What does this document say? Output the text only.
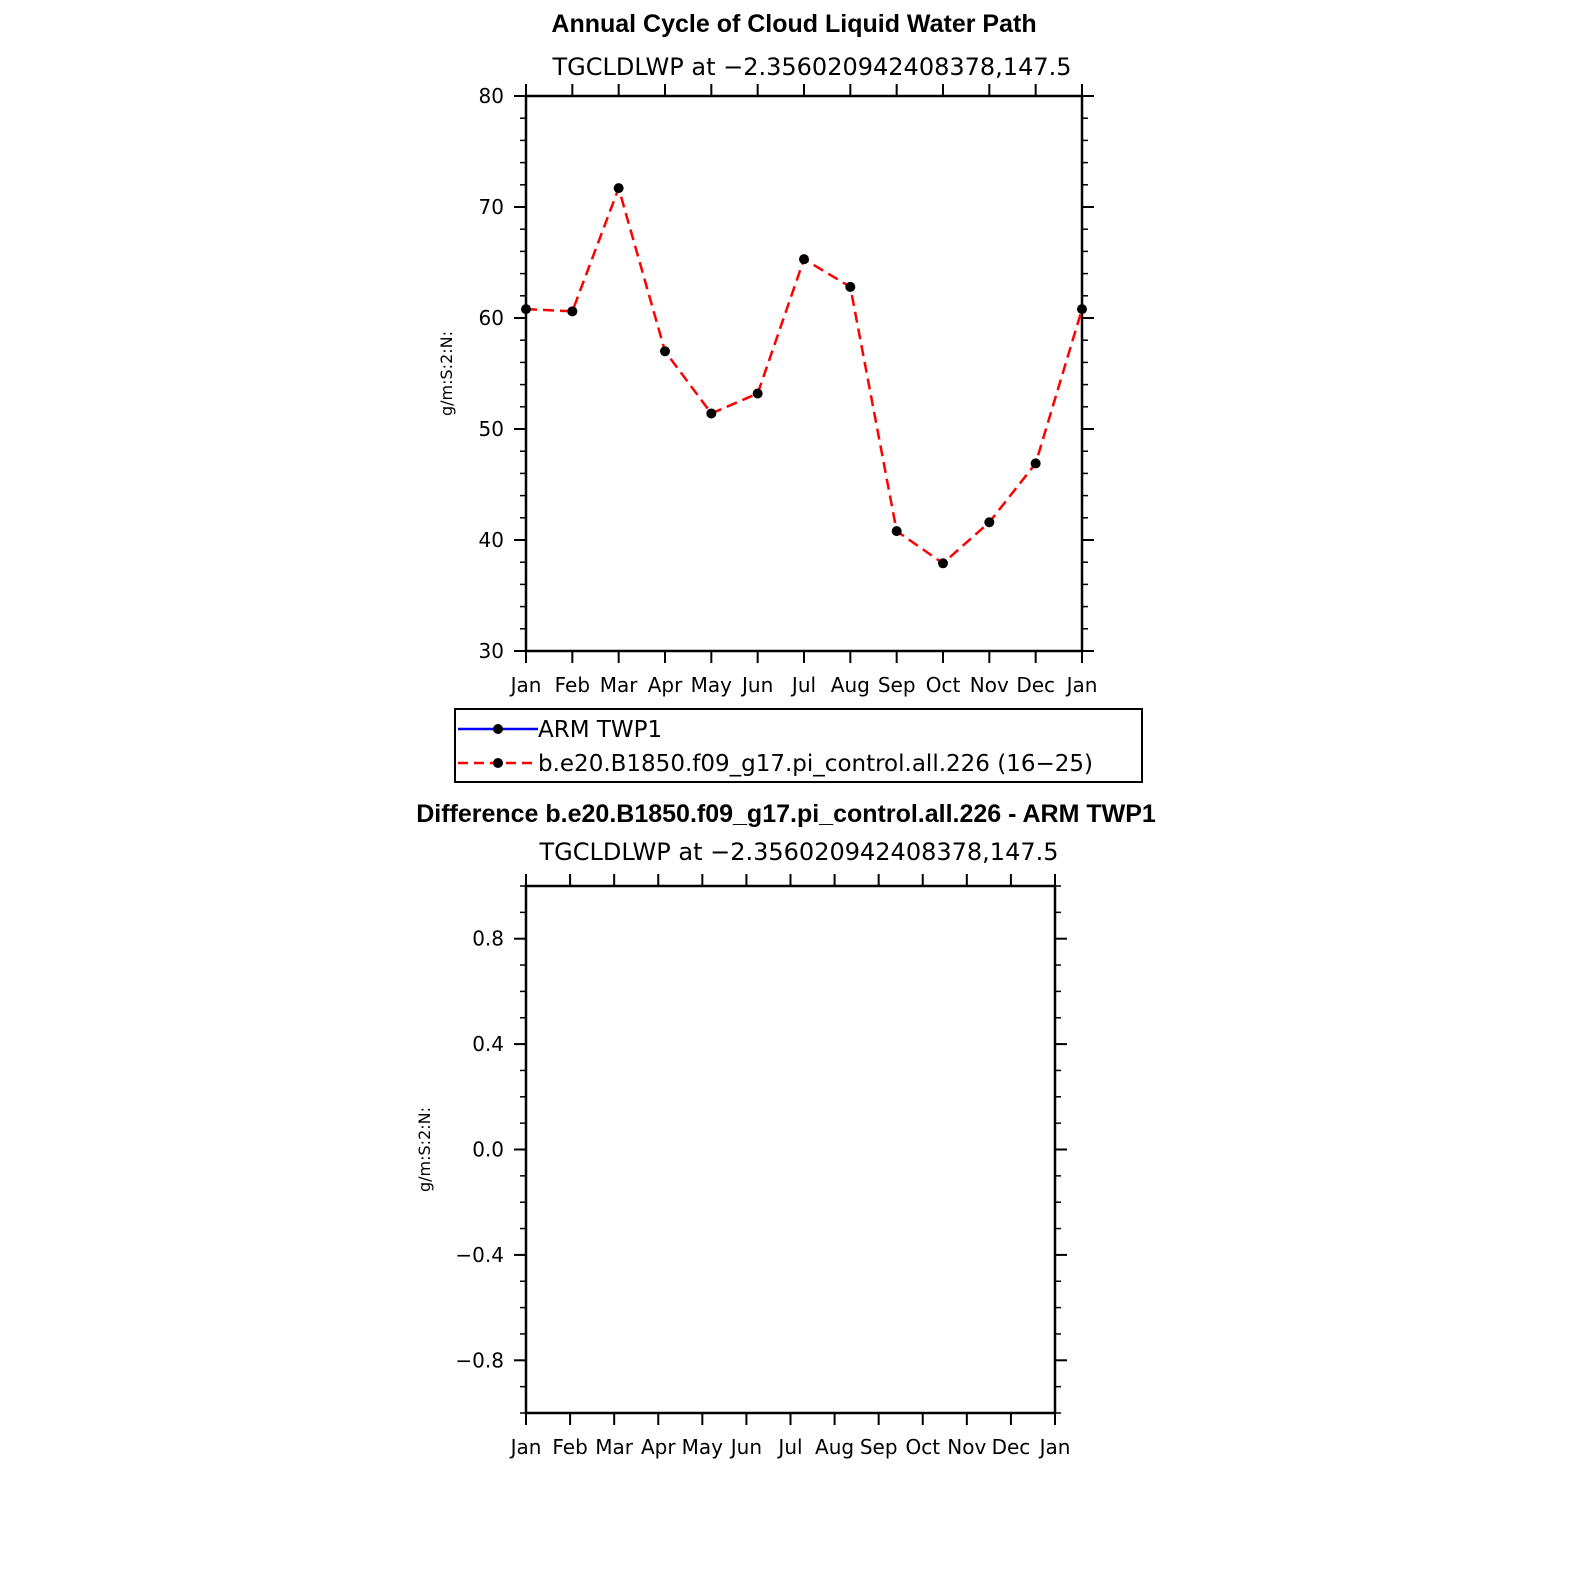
Annual Cycle of Cloud Liquid Water Path
TGCLDLWP at −2.356020942408378,147.5
30
40
50
60
70
80
Jan Feb Mar Apr May Jun Jul Aug Sep Oct Nov Dec Jan
g/m:S:2:N:
ARM TWP1
b.e20.B1850.f09_g17.pi_control.all.226 (16−25)
Difference b.e20.B1850.f09_g17.pi_control.all.226 - ARM TWP1
TGCLDLWP at −2.356020942408378,147.5
−0.8
−0.4
0.0
0.4
0.8
Jan Feb Mar Apr May Jun Jul Aug Sep Oct Nov Dec Jan
g/m:S:2:N:
